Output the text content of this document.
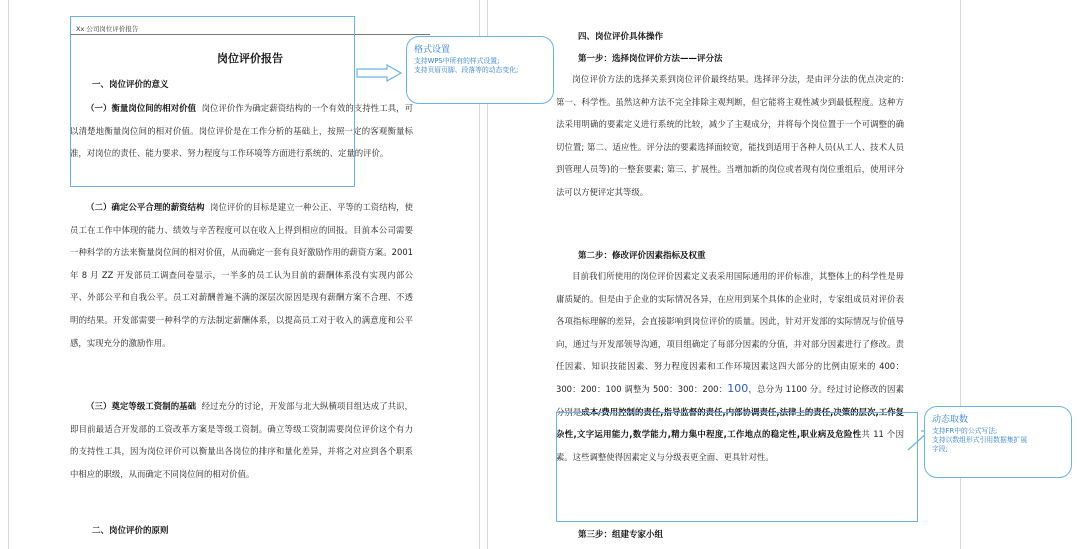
Xx 公司岗位评价报告
岗位评价报告
一、岗位评价的意义
（一）衡量岗位间的相对价值 岗位评价作为确定薪资结构的一个有效的支持性工具，可以清楚地衡量岗位间的相对价值。岗位评价是在工作分析的基础上，按照一定的客观衡量标准，对岗位的责任、能力要求、努力程度与工作环境等方面进行系统的、定量的评价。
（二）确定公平合理的薪资结构 岗位评价的目标是建立一种公正、平等的工资结构，使员工在工作中体现的能力、绩效与辛苦程度可以在收入上得到相应的回报。目前本公司需要一种科学的方法来衡量岗位间的相对价值，从而确定一套有良好激励作用的薪资方案。2001 年 8 月 ZZ 开发部员工调查问卷显示，一半多的员工认为目前的薪酬体系没有实现内部公平、外部公平和自我公平。员工对薪酬普遍不满的深层次原因是现有薪酬方案不合理、不透明的结果。开发部需要一种科学的方法制定薪酬体系，以提高员工对于收入的满意度和公平感，实现充分的激励作用。
（三）奠定等级工资制的基础 经过充分的讨论，开发部与北大纵横项目组达成了共识，即目前最适合开发部的工资改革方案是等级工资制。确立等级工资制需要岗位评价这个有力的支持性工具，因为岗位评价可以衡量出各岗位的排序和量化差异，并将之对应到各个职系中相应的职级，从而确定不同岗位间的相对价值。
二、岗位评价的原则
格式设置
支持WPS中所有的样式设置;
支持页眉页脚、段落等的动态变化;
四、岗位评价具体操作
第一步：选择岗位评价方法——评分法
岗位评价方法的选择关系到岗位评价最终结果。选择评分法，是由评分法的优点决定的: 第一、科学性。虽然这种方法不完全排除主观判断，但它能将主观性减少到最低程度。这种方法采用明确的要素定义进行系统的比较，减少了主观成分，并将每个岗位置于一个可调整的确切位置; 第二、适应性。评分法的要素选择面较宽，能找到适用于各种人员(从工人、技术人员到管理人员等)的一整套要素; 第三、扩展性。当增加新的岗位或者现有岗位重组后，使用评分法可以方便评定其等级。
第二步：修改评价因素指标及权重
目前我们所使用的岗位评价因素定义表采用国际通用的评价标准，其整体上的科学性是毋庸质疑的。但是由于企业的实际情况各异，在应用到某个具体的企业时，专家组成员对评价表各项指标理解的差异，会直接影响到岗位评价的质量。因此，针对开发部的实际情况与价值导向，通过与开发部领导沟通，项目组确定了每部分因素的分值，并对部分因素进行了修改。责任因素、知识技能因素、努力程度因素和工作环境因素这四大部分的比例由原来的 400：300：200：100 调整为 500：300：200：100，总分为 1100 分。经过讨论修改的因素分别是成本/费用控制的责任,指导监督的责任,内部协调责任,法律上的责任,决策的层次,工作复杂性,文字运用能力,数学能力,精力集中程度,工作地点的稳定性,职业病及危险性共 11 个因素。这些调整使得因素定义与分级表更全面、更具针对性。
第三步：组建专家小组
动态取数
支持FR中的公式写法;
支持以数组形式引用数据集扩展
字段;
